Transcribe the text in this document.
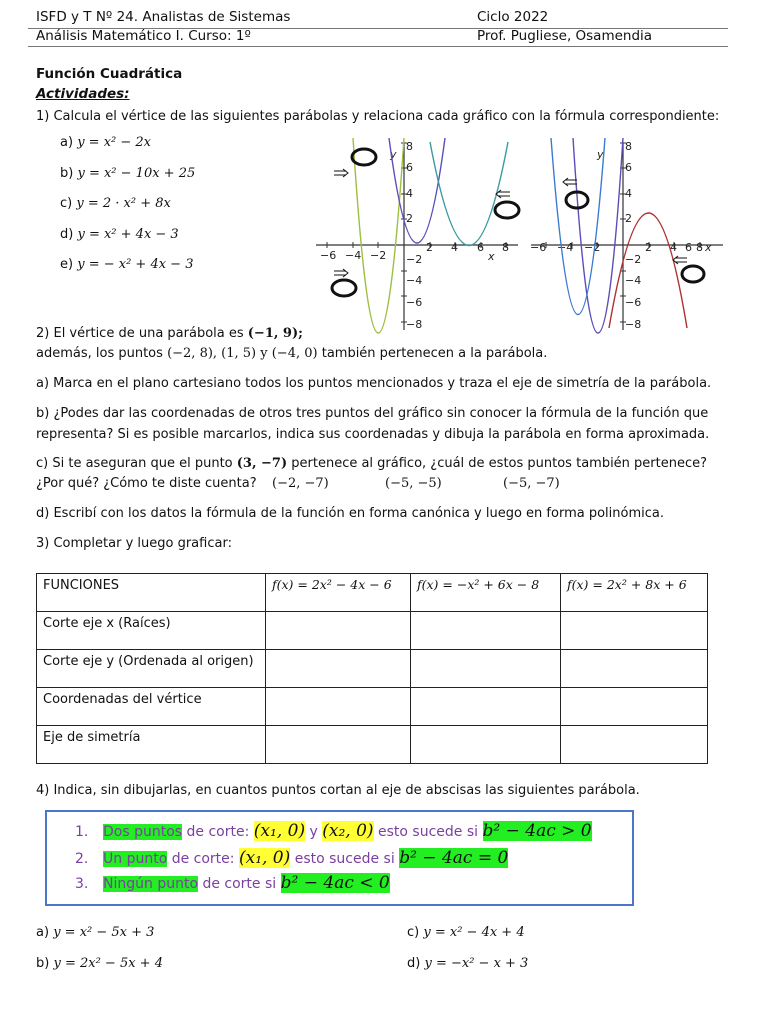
ISFD y T Nº 24. Analistas de Sistemas	Ciclo 2022
Análisis Matemático I. Curso: 1º	Prof. Pugliese, Osamendia
Función Cuadrática
Actividades:
1) Calcula el vértice de las siguientes parábolas y relaciona cada gráfico con la fórmula correspondiente:
a) y = x² − 2x
b) y = x² − 10x + 25
c) y = 2 · x² + 8x
d) y = x² + 4x − 3
e) y = − x² + 4x − 3
−6 −4 −2
2 4 6 8
8
6
4
2
−2
−4
−6
−8
x
y
−6 −4 −2	2 4 6 8
8
6
4
2
−2
−4
−6
−8
x
y
2) El vértice de una parábola es (−1, 9);
además, los puntos (−2, 8), (1, 5) y (−4, 0) también pertenecen a la parábola.
a) Marca en el plano cartesiano todos los puntos mencionados y traza el eje de simetría de la parábola.
b) ¿Podes dar las coordenadas de otros tres puntos del gráfico sin conocer la fórmula de la función que
representa? Si es posible marcarlos, indica sus coordenadas y dibuja la parábola en forma aproximada.
c) Si te aseguran que el punto (3, −7) pertenece al gráfico, ¿cuál de estos puntos también pertenece?
¿Por qué? ¿Cómo te diste cuenta? (−2, −7)	(−5, −5)	(−5, −7)
d) Escribí con los datos la fórmula de la función en forma canónica y luego en forma polinómica.
3) Completar y luego graficar:
FUNCIONES	f(x) = 2x² − 4x − 6	f(x) = −x² + 6x − 8	f(x) = 2x² + 8x + 6
Corte eje x (Raíces)			
Corte eje y (Ordenada al origen)			
Coordenadas del vértice			
Eje de simetría			
4) Indica, sin dibujarlas, en cuantos puntos cortan al eje de abscisas las siguientes parábola.
1. Dos puntos de corte: (x₁, 0) y (x₂, 0) esto sucede si b² − 4ac > 0
2. Un punto de corte: (x₁, 0) esto sucede si b² − 4ac = 0
3. Ningún punto de corte si b² − 4ac < 0
a) y = x² − 5x + 3	c) y = x² − 4x + 4
b) y = 2x² − 5x + 4	d) y = −x² − x + 3
